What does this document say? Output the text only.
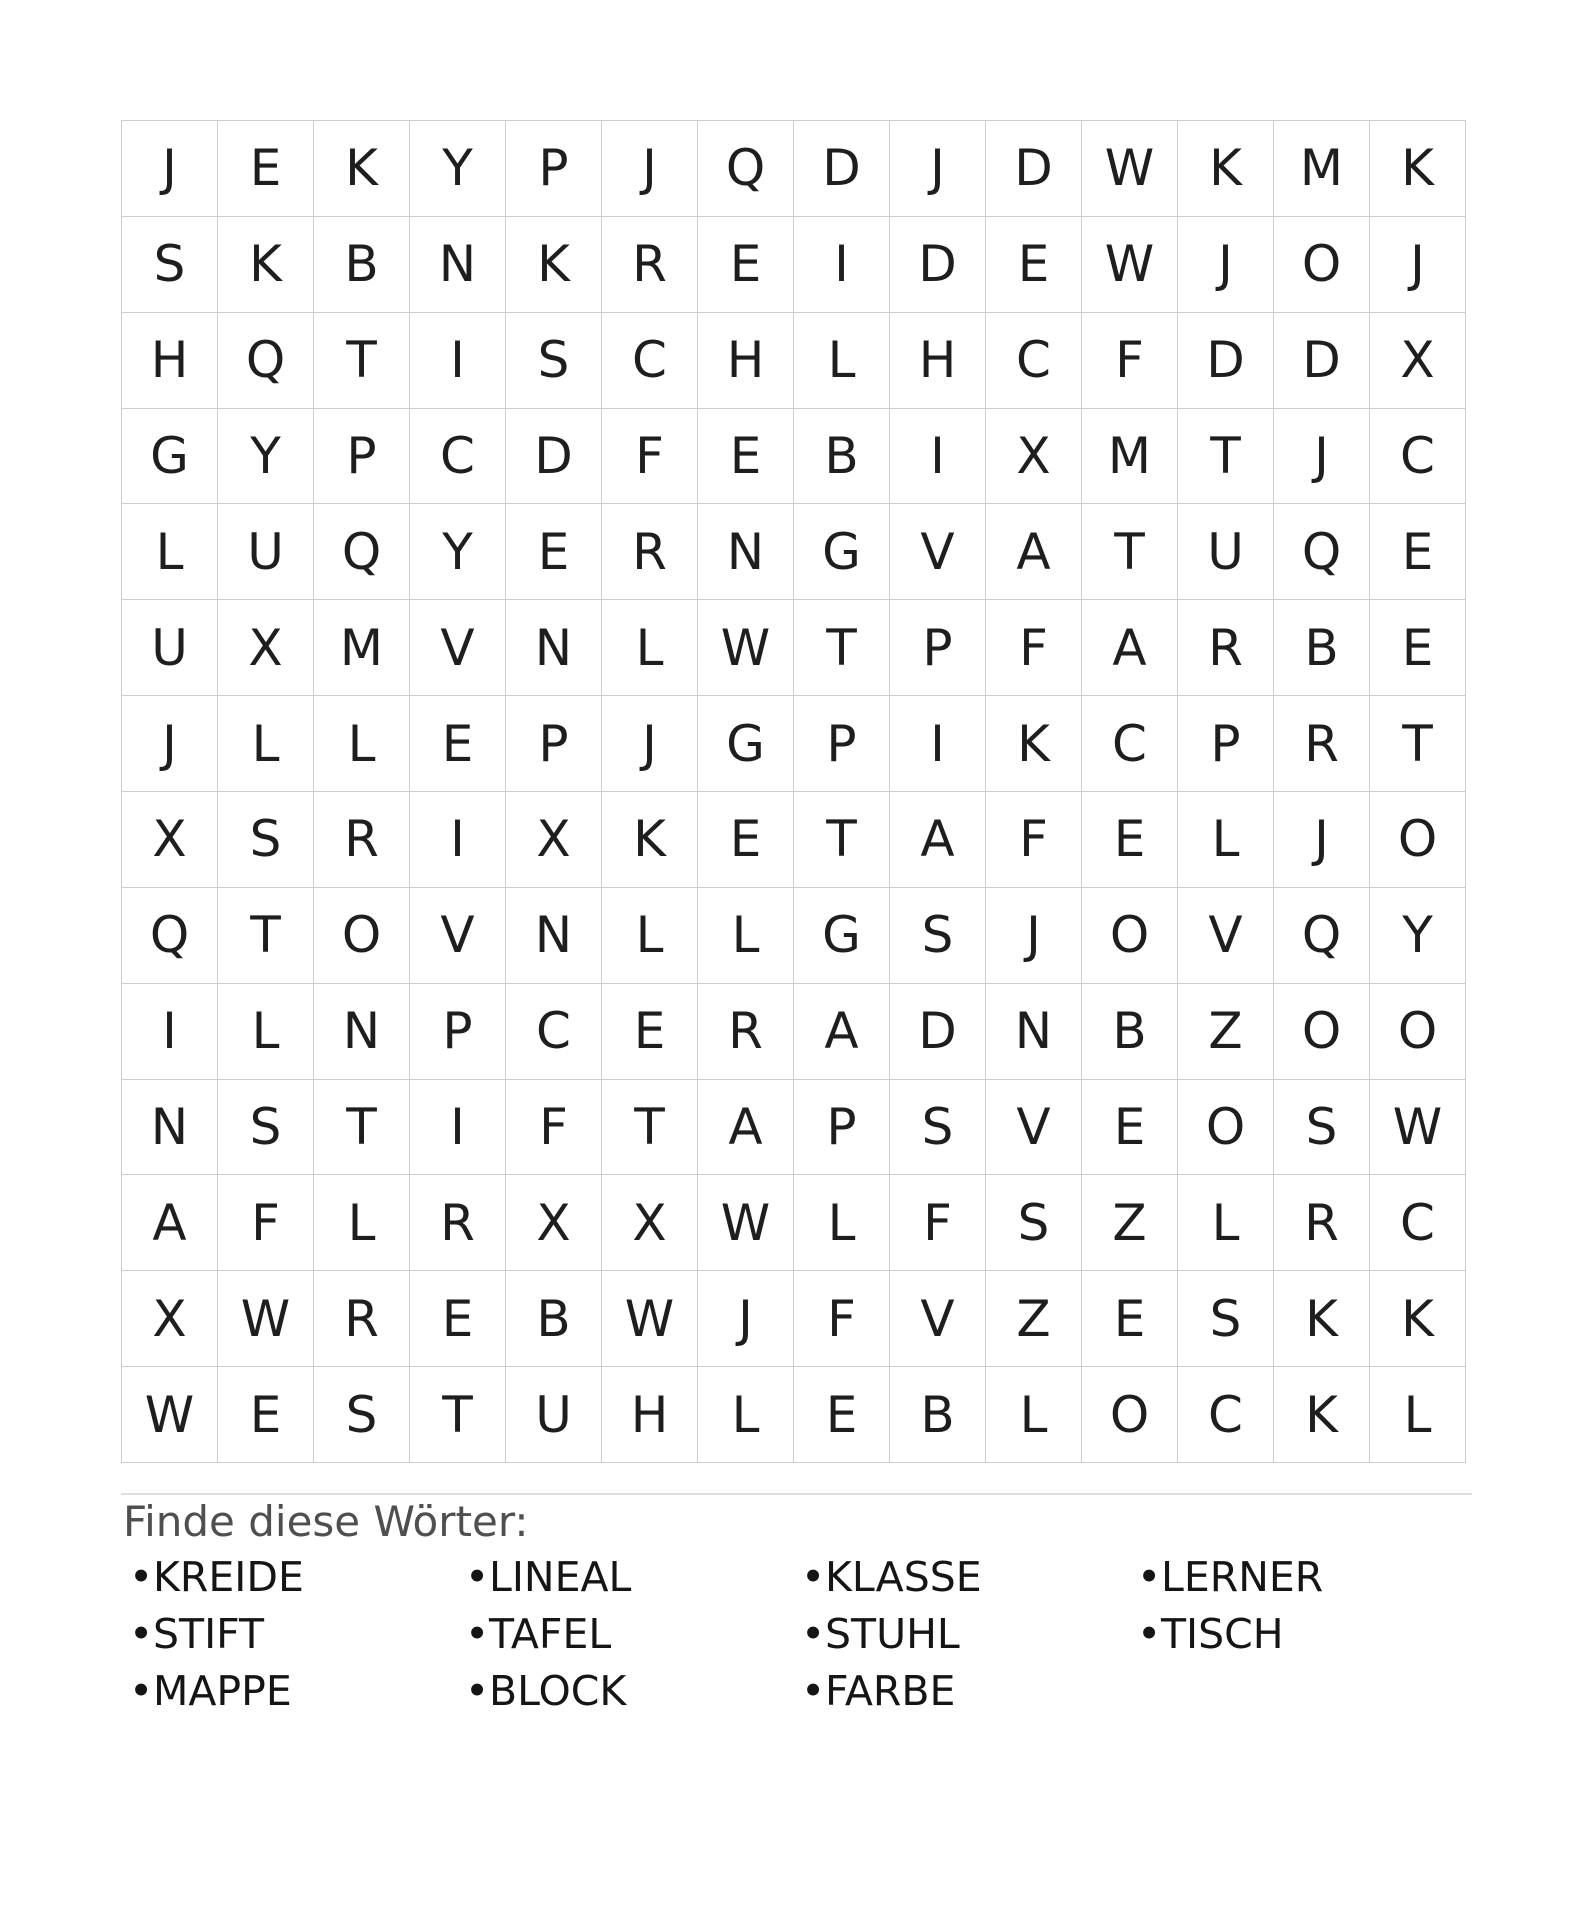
J	E	K	Y	P	J	Q	D	J	D	W	K	M	K
S	K	B	N	K	R	E	I	D	E	W	J	O	J
H	Q	T	I	S	C	H	L	H	C	F	D	D	X
G	Y	P	C	D	F	E	B	I	X	M	T	J	C
L	U	Q	Y	E	R	N	G	V	A	T	U	Q	E
U	X	M	V	N	L	W	T	P	F	A	R	B	E
J	L	L	E	P	J	G	P	I	K	C	P	R	T
X	S	R	I	X	K	E	T	A	F	E	L	J	O
Q	T	O	V	N	L	L	G	S	J	O	V	Q	Y
I	L	N	P	C	E	R	A	D	N	B	Z	O	O
N	S	T	I	F	T	A	P	S	V	E	O	S	W
A	F	L	R	X	X	W	L	F	S	Z	L	R	C
X	W	R	E	B	W	J	F	V	Z	E	S	K	K
W	E	S	T	U	H	L	E	B	L	O	C	K	L
Finde diese Wörter:
•KREIDE
•STIFT
•MAPPE
•LINEAL
•TAFEL
•BLOCK
•KLASSE
•STUHL
•FARBE
•LERNER
•TISCH
